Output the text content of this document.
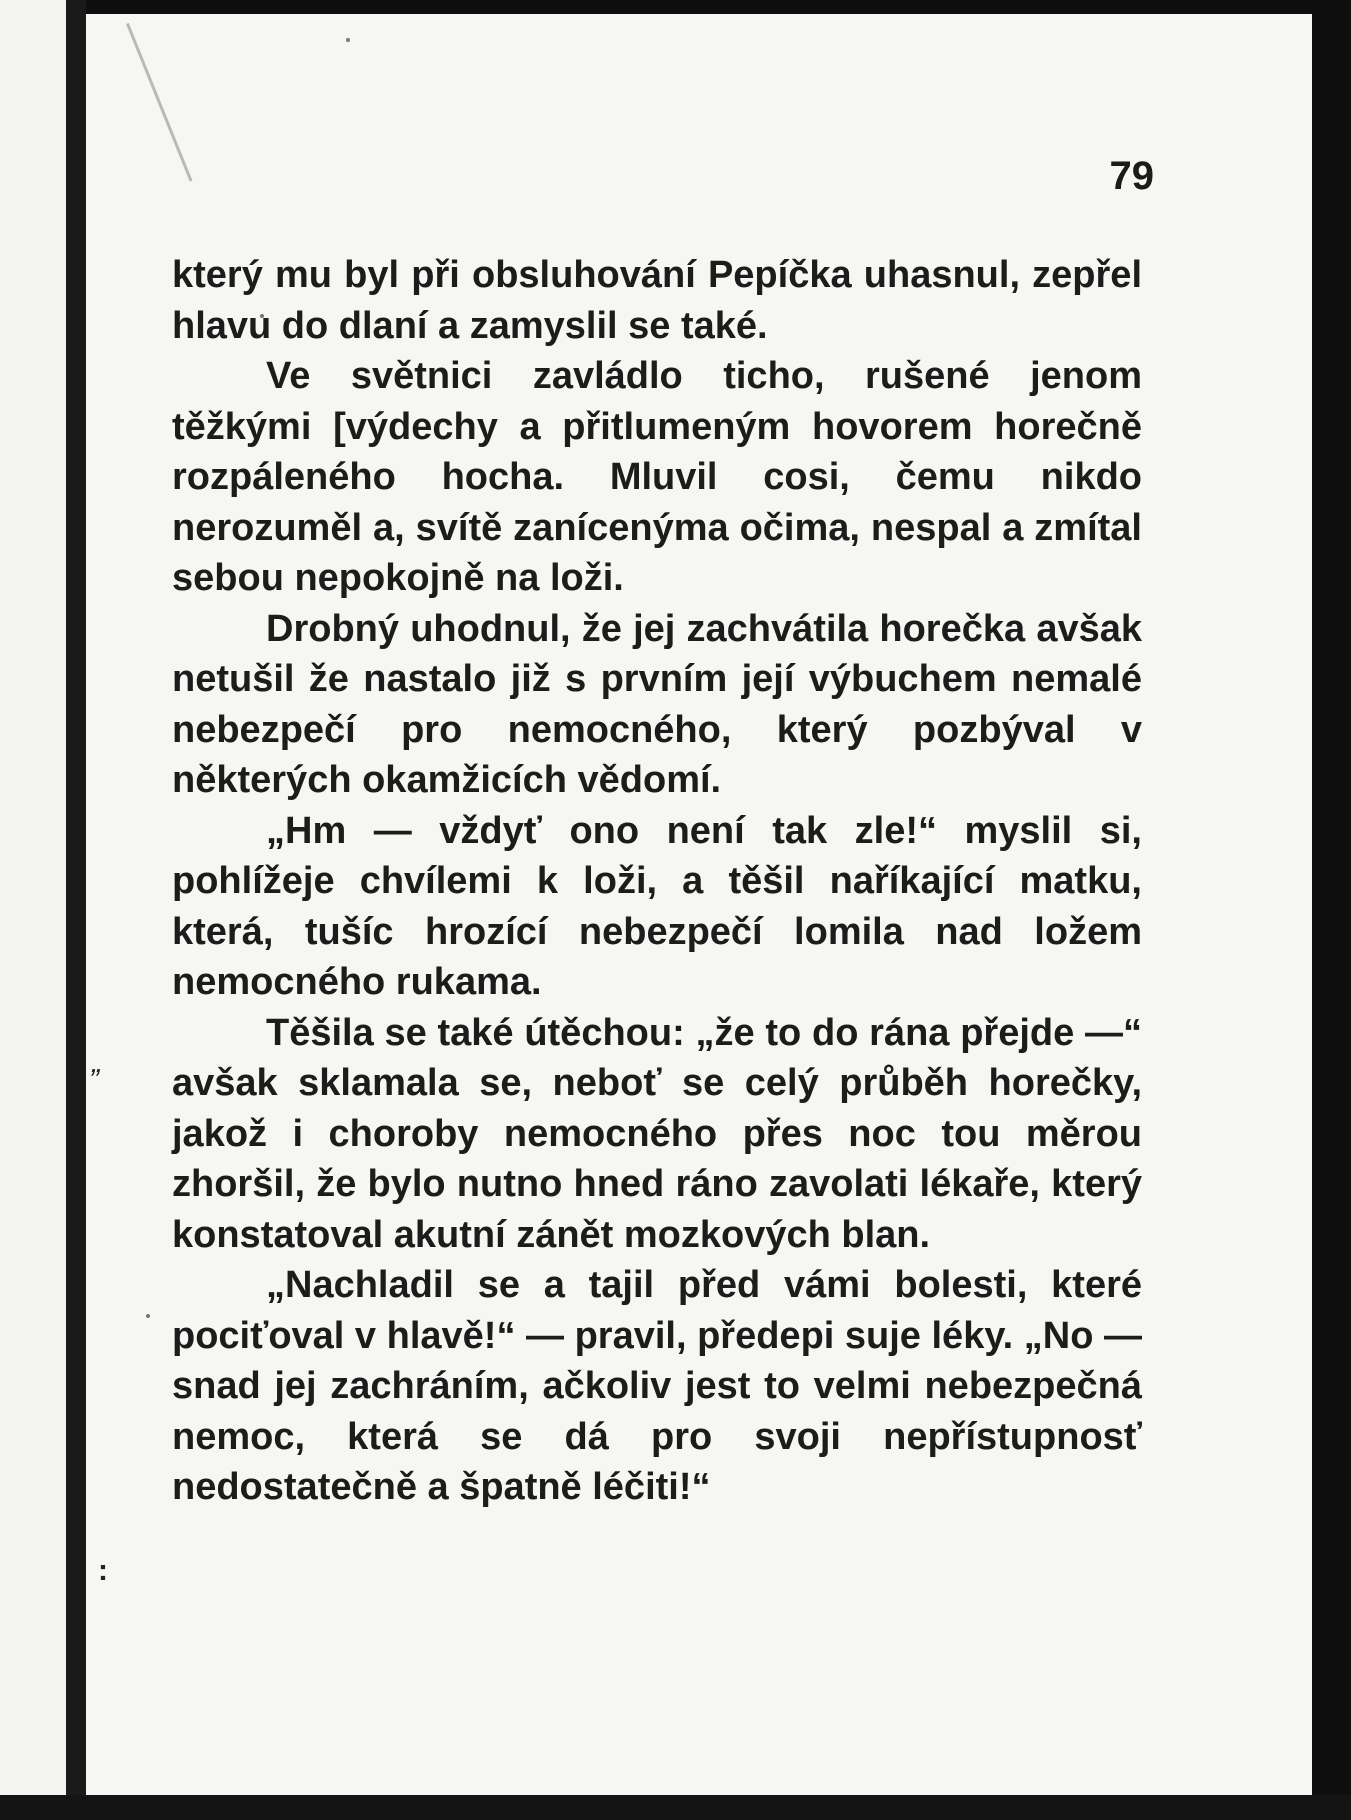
79
„
:

který mu byl při obsluhování Pepíčka uhasnul, zepřel hlavu do dlaní a zamyslil se také.

Ve světnici zavládlo ticho, rušené jenom těžkými [výdechy a přitlumeným hovorem horečně rozpáleného hocha. Mluvil cosi, čemu nikdo nerozuměl a, svítě zanícenýma očima, nespal a zmítal sebou nepokojně na loži.

Drobný uhodnul, že jej zachvátila horečka avšak netušil že nastalo již s prvním její výbuchem nemalé nebezpečí pro nemocného, který pozbýval v některých okamžicích vědomí.

„Hm — vždyť ono není tak zle!“ myslil si, pohlížeje chvílemi k loži, a těšil naříkající matku, která, tušíc hrozící nebezpečí lomila nad ložem nemocného rukama.

Těšila se také útěchou: „že to do rána přejde —“ avšak sklamala se, neboť se celý průběh horečky, jakož i choroby nemocného přes noc tou měrou zhoršil, že bylo nutno hned ráno zavolati lékaře, který konstatoval akutní zánět mozkových blan.

„Nachladil se a tajil před vámi bolesti, které pociťoval v hlavě!“ — pravil, předepi suje léky. „No — snad jej zachráním, ačkoliv jest to velmi nebezpečná nemoc, která se dá pro svoji nepřístupnosť nedostatečně a špatně léčiti!“
